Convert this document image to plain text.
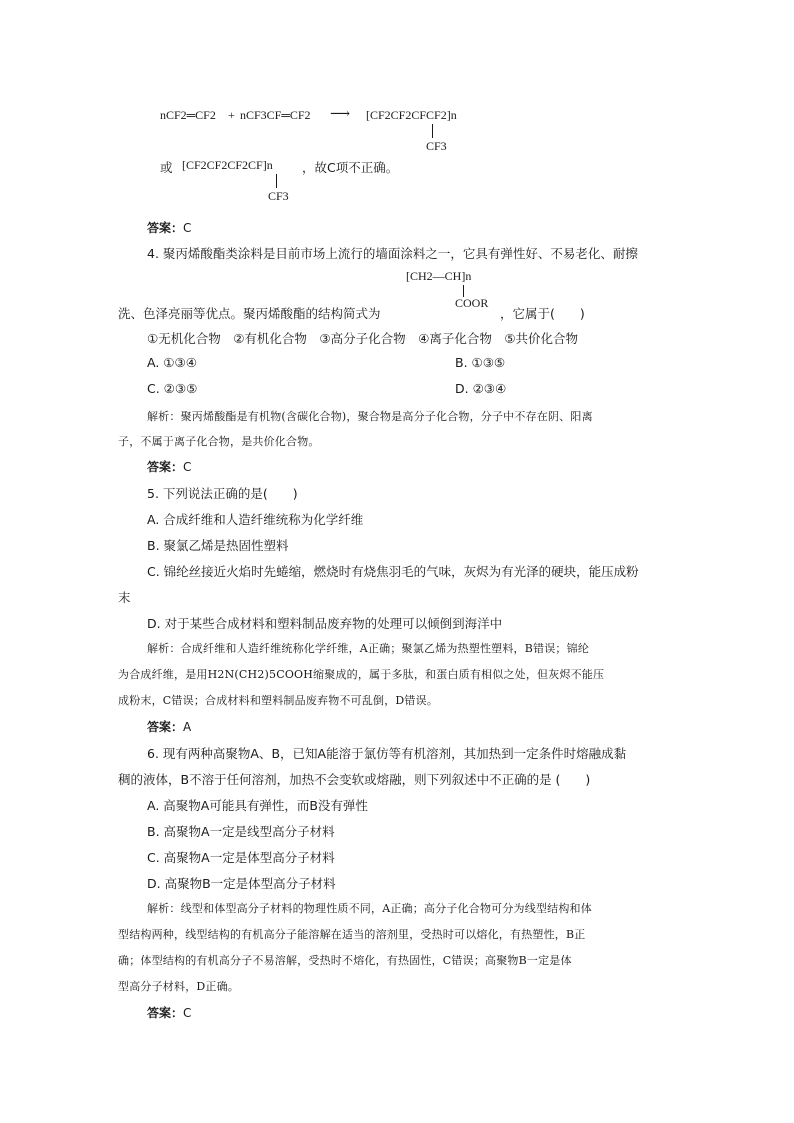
nCF2═CF2 + nCF3CF═CF2 ⟶ [CF2CF2CFCF2]n
CF3
或 [CF2CF2CF2CF]n ，故C项不正确。
CF3
答案：C
4. 聚丙烯酸酯类涂料是目前市场上流行的墙面涂料之一，它具有弹性好、不易老化、耐擦
[CH2—CH]n
COOR
洗、色泽亮丽等优点。聚丙烯酸酯的结构简式为	，它属于(　　)
①无机化合物　②有机化合物　③高分子化合物　④离子化合物　⑤共价化合物
A. ①③④	B. ①③⑤
C. ②③⑤	D. ②③④
解析：聚丙烯酸酯是有机物(含碳化合物)，聚合物是高分子化合物，分子中不存在阴、阳离
子，不属于离子化合物，是共价化合物。
答案：C
5. 下列说法正确的是(　　)
A. 合成纤维和人造纤维统称为化学纤维
B. 聚氯乙烯是热固性塑料
C. 锦纶丝接近火焰时先蜷缩，燃烧时有烧焦羽毛的气味，灰烬为有光泽的硬块，能压成粉
末
D. 对于某些合成材料和塑料制品废弃物的处理可以倾倒到海洋中
解析：合成纤维和人造纤维统称化学纤维，A正确；聚氯乙烯为热塑性塑料，B错误；锦纶
为合成纤维，是用H2N(CH2)5COOH缩聚成的，属于多肽，和蛋白质有相似之处，但灰烬不能压
成粉末，C错误；合成材料和塑料制品废弃物不可乱倒，D错误。
答案：A
6. 现有两种高聚物A、B，已知A能溶于氯仿等有机溶剂，其加热到一定条件时熔融成黏
稠的液体，B不溶于任何溶剂，加热不会变软或熔融，则下列叙述中不正确的是 (　　)
A. 高聚物A可能具有弹性，而B没有弹性
B. 高聚物A一定是线型高分子材料
C. 高聚物A一定是体型高分子材料
D. 高聚物B一定是体型高分子材料
解析：线型和体型高分子材料的物理性质不同，A正确；高分子化合物可分为线型结构和体
型结构两种，线型结构的有机高分子能溶解在适当的溶剂里，受热时可以熔化，有热塑性，B正
确；体型结构的有机高分子不易溶解，受热时不熔化，有热固性，C错误；高聚物B一定是体
型高分子材料，D正确。
答案：C
